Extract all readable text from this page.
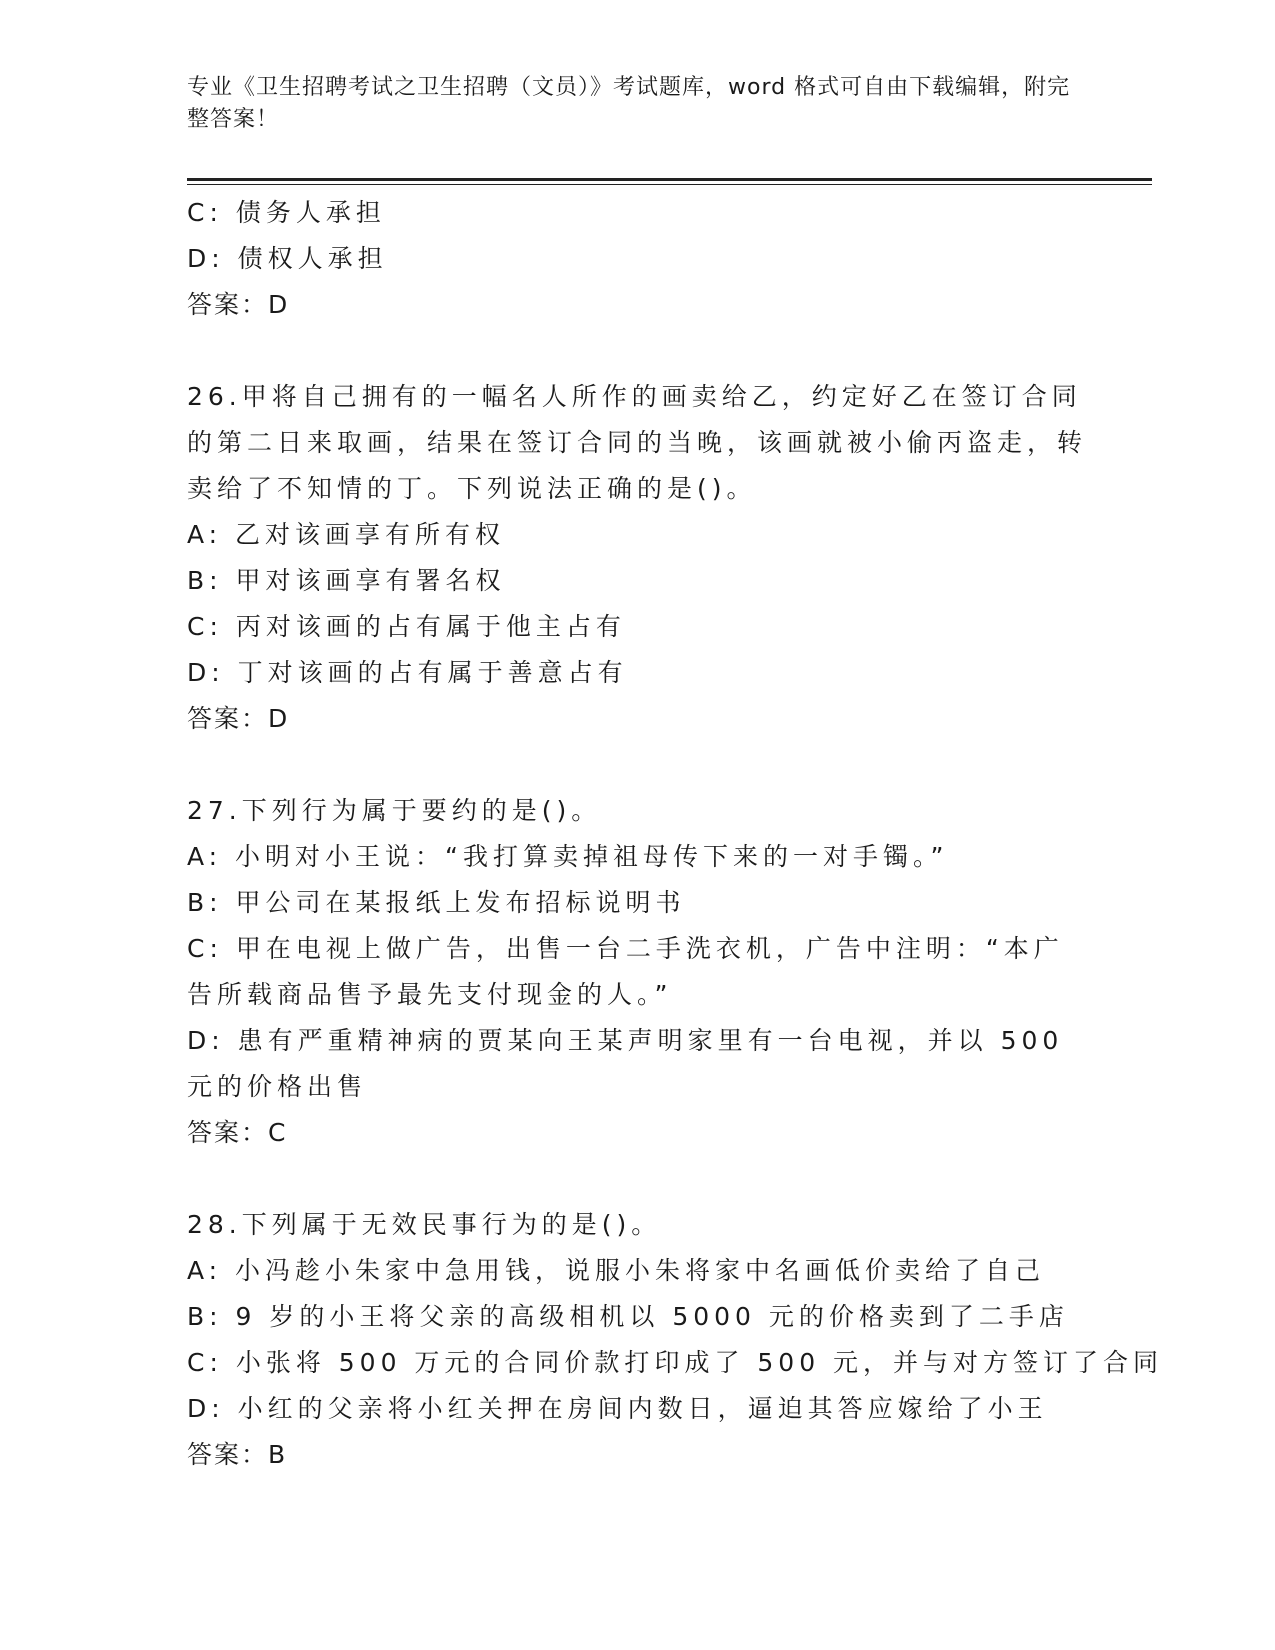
专业《卫生招聘考试之卫生招聘（文员）》考试题库，word 格式可自由下载编辑，附完整答案！
C: 债务人承担
D: 债权人承担
答案：D
26.甲将自己拥有的一幅名人所作的画卖给乙，约定好乙在签订合同的第二日来取画，结果在签订合同的当晚，该画就被小偷丙盗走，转卖给了不知情的丁。下列说法正确的是()。
A: 乙对该画享有所有权
B: 甲对该画享有署名权
C: 丙对该画的占有属于他主占有
D: 丁对该画的占有属于善意占有
答案：D
27.下列行为属于要约的是()。
A: 小明对小王说：“我打算卖掉祖母传下来的一对手镯。”
B: 甲公司在某报纸上发布招标说明书
C: 甲在电视上做广告，出售一台二手洗衣机，广告中注明：“本广告所载商品售予最先支付现金的人。”
D: 患有严重精神病的贾某向王某声明家里有一台电视，并以 500 元的价格出售
答案：C
28.下列属于无效民事行为的是()。
A: 小冯趁小朱家中急用钱，说服小朱将家中名画低价卖给了自己
B: 9 岁的小王将父亲的高级相机以 5000 元的价格卖到了二手店
C: 小张将 500 万元的合同价款打印成了 500 元，并与对方签订了合同
D: 小红的父亲将小红关押在房间内数日，逼迫其答应嫁给了小王
答案：B
